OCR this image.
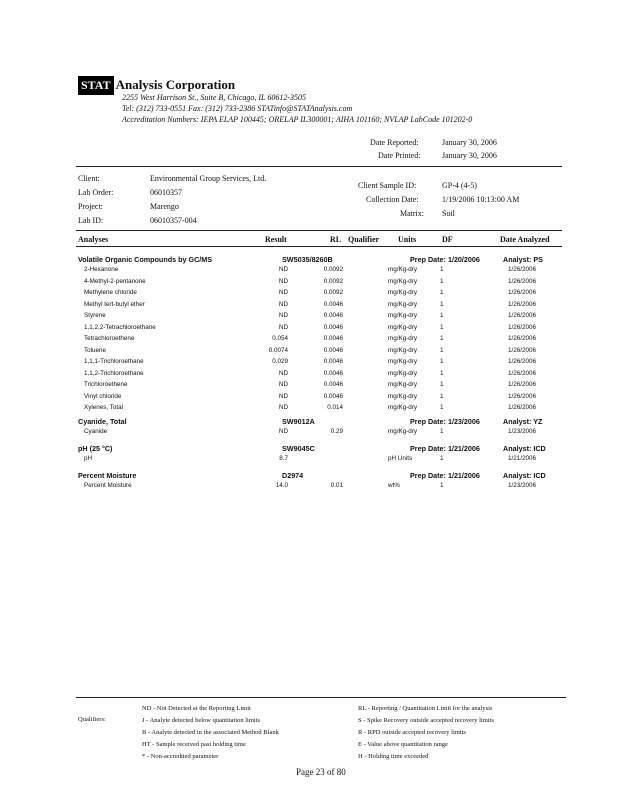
STAT Analysis Corporation
2255 West Harrison St., Suite B, Chicago, IL 60612-3505
Tel: (312) 733-0551 Fax: (312) 733-2386 STATinfo@STATAnalysis.com
Accreditation Numbers: IEPA ELAP 100445; ORELAP IL300001; AIHA 101160; NVLAP LabCode 101202-0
Date Reported:	January 30, 2006
Date Printed:	January 30, 2006
Client:	Environmental Group Services, Ltd.
Lab Order:	06010357
Project:	Marengo
Lab ID:	06010357-004
Client Sample ID:	GP-4 (4-5)
Collection Date:	1/19/2006 10:13:00 AM
Matrix: Soil
Analyses	Result	RL Qualifier Units	DF	Date Analyzed
Volatile Organic Compounds by GC/MS	SW5035/8260B	Prep Date: 1/20/2006	Analyst: PS
2-Hexanone	ND	0.0092	mg/Kg-dry	1	1/26/2006
4-Methyl-2-pentanone	ND	0.0092	mg/Kg-dry	1	1/26/2006
Methylene chloride	ND	0.0092	mg/Kg-dry	1	1/26/2006
Methyl tert-butyl ether	ND	0.0046	mg/Kg-dry	1	1/26/2006
Styrene	ND	0.0046	mg/Kg-dry	1	1/26/2006
1,1,2,2-Tetrachloroethane	ND	0.0046	mg/Kg-dry	1	1/26/2006
Tetrachloroethene	0.054	0.0046	mg/Kg-dry	1	1/26/2006
Toluene	0.0074	0.0046	mg/Kg-dry	1	1/26/2006
1,1,1-Trichloroethane	0.029	0.0046	mg/Kg-dry	1	1/26/2006
1,1,2-Trichloroethane	ND	0.0046	mg/Kg-dry	1	1/26/2006
Trichloroethene	ND	0.0046	mg/Kg-dry	1	1/26/2006
Vinyl chloride	ND	0.0046	mg/Kg-dry	1	1/26/2006
Xylenes, Total	ND	0.014	mg/Kg-dry	1	1/26/2006
Cyanide, Total	SW9012A	Prep Date: 1/23/2006	Analyst: YZ
Cyanide	ND	0.29	mg/Kg-dry	1	1/23/2006
pH (25 °C)	SW9045C	Prep Date: 1/21/2006	Analyst: ICD
pH	8.7	pH Units	1	1/21/2006
Percent Moisture	D2974	Prep Date: 1/21/2006	Analyst: ICD
Percent Moisture	14.0	0.01	wt%	1	1/23/2006
Qualifiers:
ND - Not Detected at the Reporting Limit
J - Analyte detected below quantitation limits
B - Analyte detected in the associated Method Blank
HT - Sample received past holding time
* - Non-accredited parameter
RL - Reporting / Quantitation Limit for the analysis
S - Spike Recovery outside accepted recovery limits
R - RPD outside accepted recovery limits
E - Value above quantitation range
H - Holding time exceeded
Page 23 of 80
